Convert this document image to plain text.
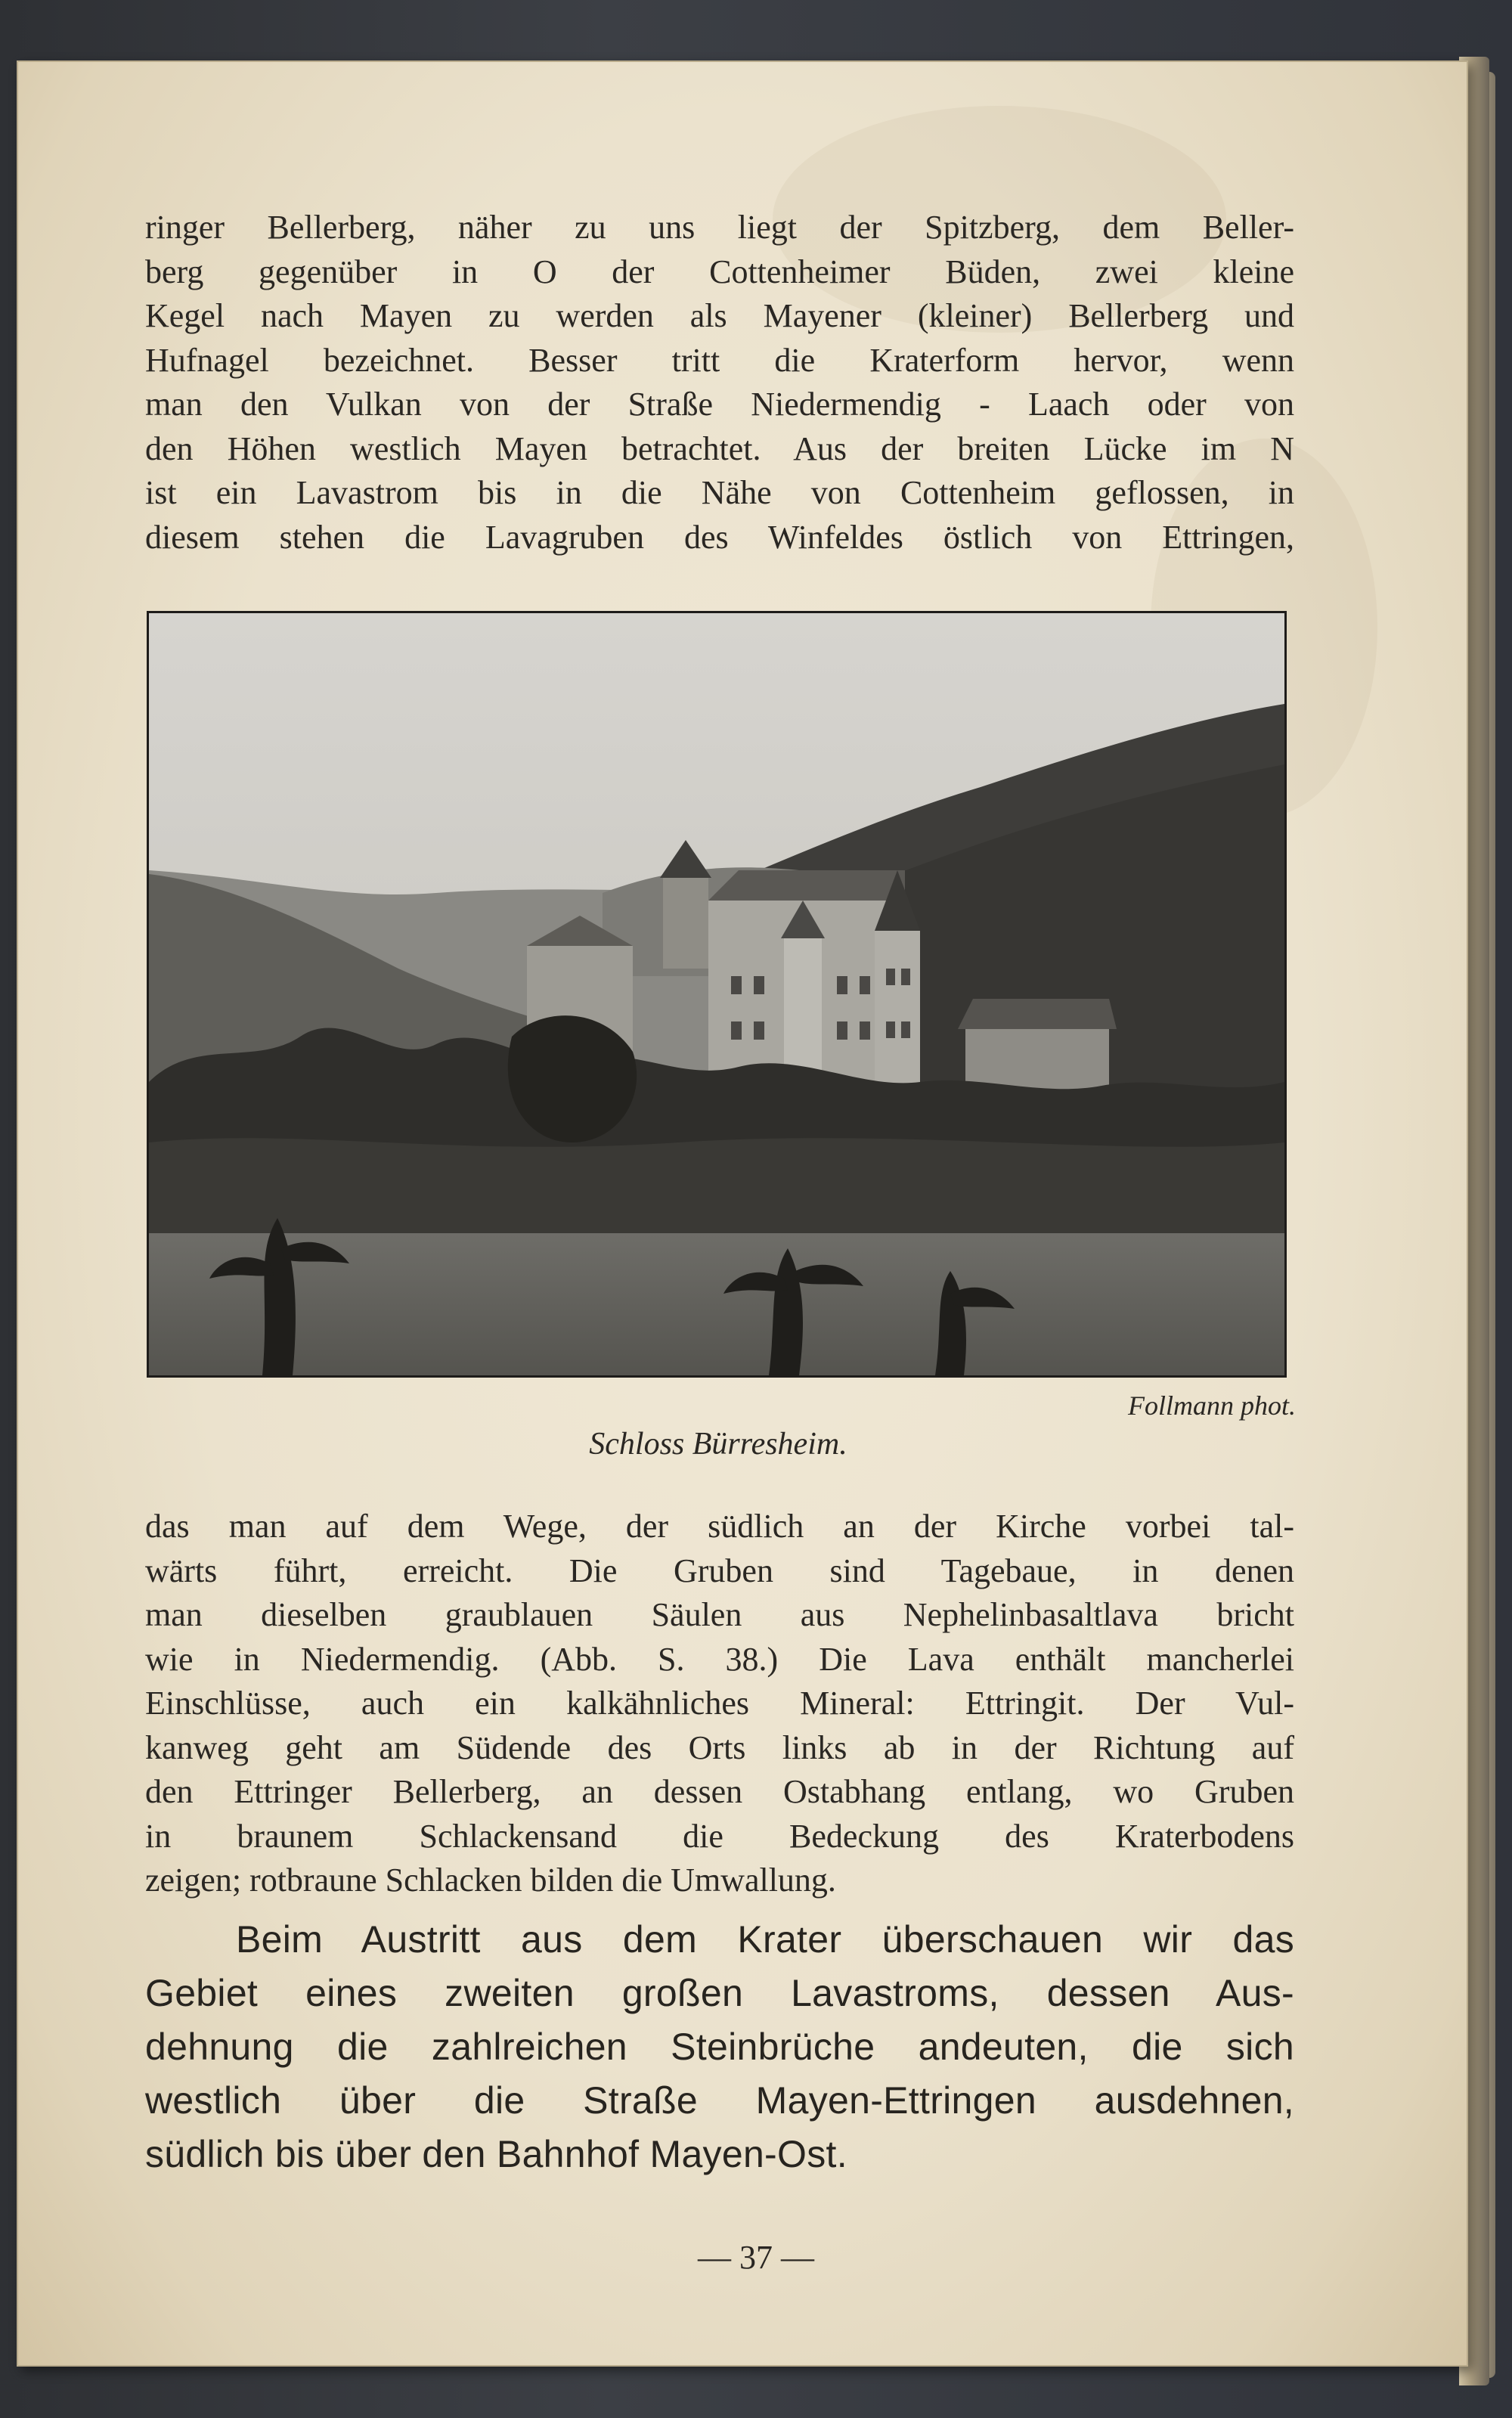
ringer Bellerberg, näher zu uns liegt der Spitzberg, dem Beller-
berg gegenüber in O der Cottenheimer Büden, zwei kleine
Kegel nach Mayen zu werden als Mayener (kleiner) Bellerberg und
Hufnagel bezeichnet. Besser tritt die Kraterform hervor, wenn
man den Vulkan von der Straße Niedermendig - Laach oder von
den Höhen westlich Mayen betrachtet. Aus der breiten Lücke im N
ist ein Lavastrom bis in die Nähe von Cottenheim geflossen, in
diesem stehen die Lavagruben des Winfeldes östlich von Ettringen,

Follmann phot.
Schloss Bürresheim.

das man auf dem Wege, der südlich an der Kirche vorbei tal-
wärts führt, erreicht. Die Gruben sind Tagebaue, in denen
man dieselben graublauen Säulen aus Nephelinbasaltlava bricht
wie in Niedermendig. (Abb. S. 38.) Die Lava enthält mancherlei
Einschlüsse, auch ein kalkähnliches Mineral: Ettringit. Der Vul-
kanweg geht am Südende des Orts links ab in der Richtung auf
den Ettringer Bellerberg, an dessen Ostabhang entlang, wo Gruben
in braunem Schlackensand die Bedeckung des Kraterbodens
zeigen; rotbraune Schlacken bilden die Umwallung.

Beim Austritt aus dem Krater überschauen wir das
Gebiet eines zweiten großen Lavastroms, dessen Aus-
dehnung die zahlreichen Steinbrüche andeuten, die sich
westlich über die Straße Mayen-Ettringen ausdehnen,
südlich bis über den Bahnhof Mayen-Ost.

— 37 —
